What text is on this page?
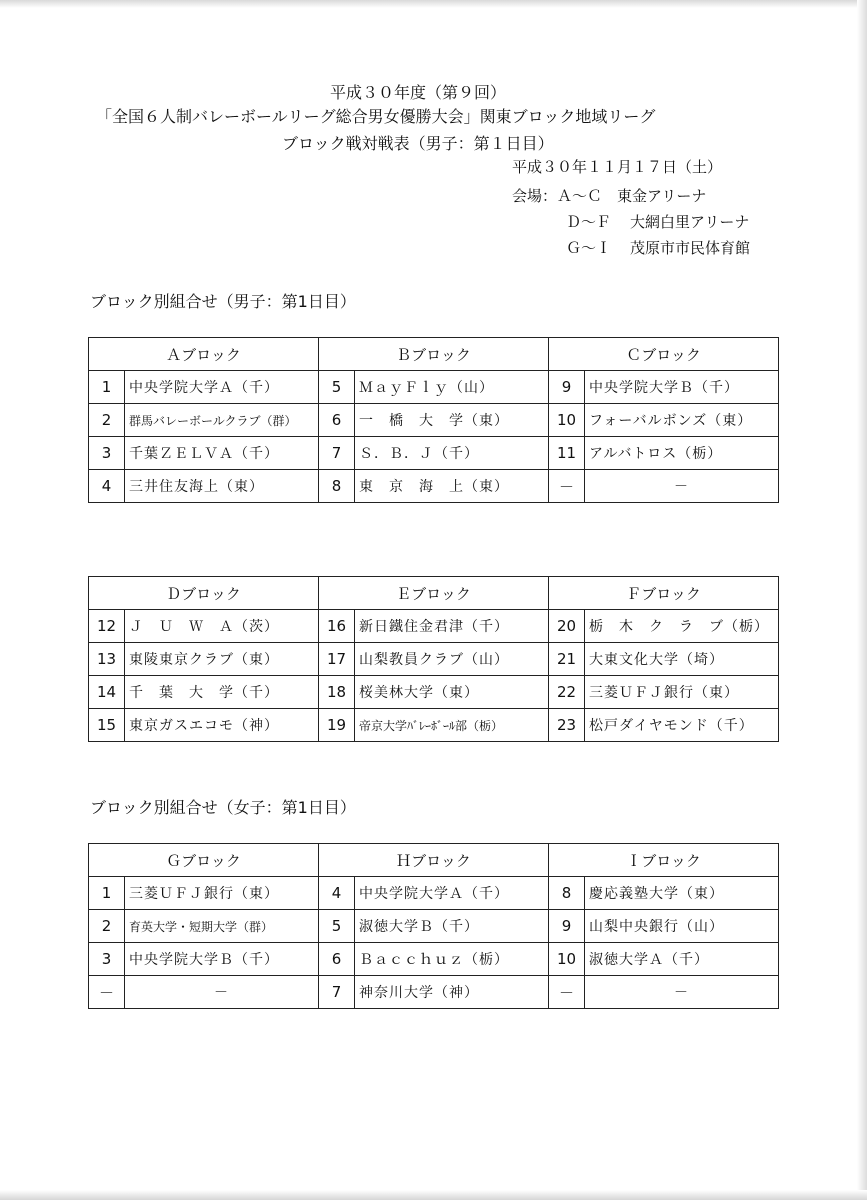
平成３０年度（第９回）
「全国６人制バレーボールリーグ総合男女優勝大会」関東ブロック地域リーグ
ブロック戦対戦表（男子：第１日目）
平成３０年１１月１７日（土）
会場：Ａ～Ｃ　東金アリーナ
Ｄ～Ｆ 大網白里アリーナ
Ｇ～Ｉ 茂原市市民体育館
ブロック別組合せ（男子：第1日目）
Ａブロック		Ｂブロック		Ｃブロック	
1	中央学院大学Ａ（千）	5	ＭａｙＦｌｙ（山）	9	中央学院大学Ｂ（千）
2	群馬バレーボールクラブ（群）	6	一　橋　大　学（東）	10	フォーバルボンズ（東）
3	千葉ＺＥＬＶＡ（千）	7	Ｓ．Ｂ．Ｊ（千）	11	アルバトロス（栃）
4	三井住友海上（東）	8	東　京　海　上（東）	－	－
Ｄブロック		Ｅブロック		Ｆブロック	
12	Ｊ　Ｕ　Ｗ　Ａ（茨）	16	新日鐵住金君津（千）	20	栃　木　ク　ラ　ブ（栃）
13	東陵東京クラブ（東）	17	山梨教員クラブ（山）	21	大東文化大学（埼）
14	千　葉　大　学（千）	18	桜美林大学（東）	22	三菱ＵＦＪ銀行（東）
15	東京ガスエコモ（神）	19	帝京大学ﾊﾞﾚｰﾎﾞｰﾙ部（栃）	23	松戸ダイヤモンド（千）
ブロック別組合せ（女子：第1日目）
Ｇブロック		Ｈブロック		Ｉブロック	
1	三菱ＵＦＪ銀行（東）	4	中央学院大学Ａ（千）	8	慶応義塾大学（東）
2	育英大学・短期大学（群）	5	淑徳大学Ｂ（千）	9	山梨中央銀行（山）
3	中央学院大学Ｂ（千）	6	Ｂａｃｃｈｕｚ（栃）	10	淑徳大学Ａ（千）
－	－	7	神奈川大学（神）	－	－
